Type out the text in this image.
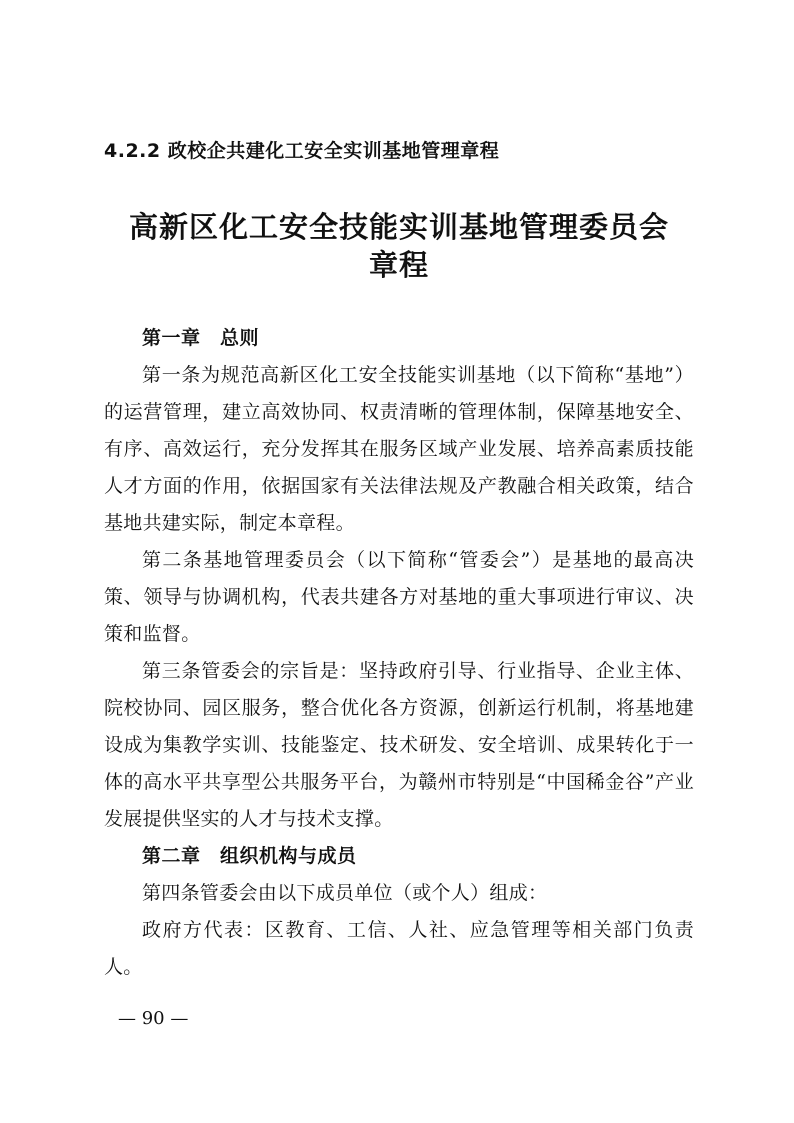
4.2.2 政校企共建化工安全实训基地管理章程
高新区化工安全技能实训基地管理委员会
章程
第一章　总则
第一条为规范高新区化工安全技能实训基地（以下简称“基地”）的运营管理，建立高效协同、权责清晰的管理体制，保障基地安全、有序、高效运行，充分发挥其在服务区域产业发展、培养高素质技能人才方面的作用，依据国家有关法律法规及产教融合相关政策，结合基地共建实际，制定本章程。
第二条基地管理委员会（以下简称“管委会”）是基地的最高决策、领导与协调机构，代表共建各方对基地的重大事项进行审议、决策和监督。
第三条管委会的宗旨是：坚持政府引导、行业指导、企业主体、院校协同、园区服务，整合优化各方资源，创新运行机制，将基地建设成为集教学实训、技能鉴定、技术研发、安全培训、成果转化于一体的高水平共享型公共服务平台，为赣州市特别是“中国稀金谷”产业发展提供坚实的人才与技术支撑。
第二章　组织机构与成员
第四条管委会由以下成员单位（或个人）组成：
政府方代表：区教育、工信、人社、应急管理等相关部门负责人。
— 90 —
